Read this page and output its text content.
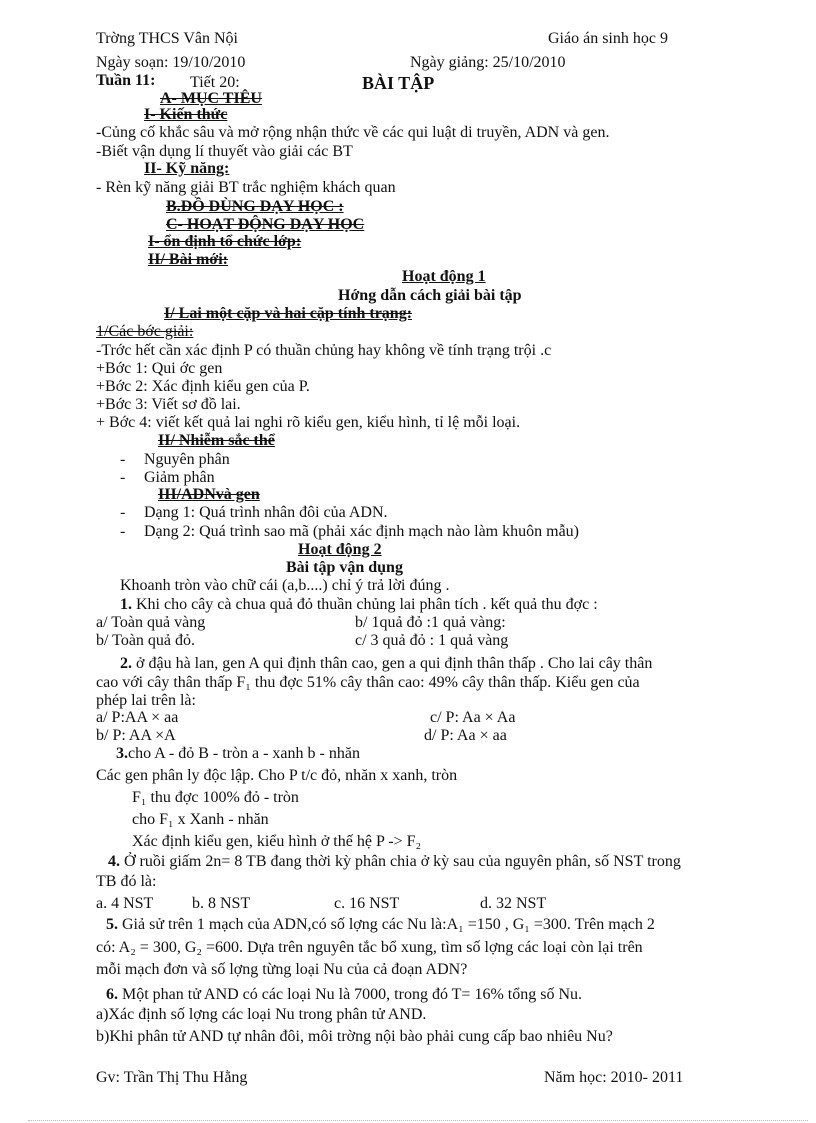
Trờng THCS Vân Nội	Giáo án sinh học 9
Ngày soạn: 19/10/2010	Ngày giảng: 25/10/2010
Tuần 11: Tiết 20:	BÀI TẬP
A- MỤC TIÊU
I- Kiến thức
-Củng cố khắc sâu và mở rộng nhận thức về các qui luật di truyền, ADN và gen.
-Biết vận dụng lí thuyết vào giải các BT
II- Kỹ năng:
- Rèn kỹ năng giải BT trắc nghiệm khách quan
B.ĐỒ DÙNG DẠY HỌC :
C- HOẠT ĐỘNG DẠY HỌC
I- ổn định tổ chức lớp:
II/ Bài mới:
Hoạt động 1
Hớng dẫn cách giải bài tập
I/ Lai một cặp và hai cặp tính trạng:
1/Các bớc giải:
-Trớc hết cần xác định P có thuần chủng hay không về tính trạng trội .c
+Bớc 1: Qui ớc gen
+Bớc 2: Xác định kiểu gen của P.
+Bớc 3: Viết sơ đồ lai.
+ Bớc 4: viết kết quả lai nghi rõ kiểu gen, kiểu hình, tỉ lệ mỗi loại.
II/ Nhiễm sắc thể
- Nguyên phân
- Giảm phân
III/ADNvà gen
- Dạng 1: Quá trình nhân đôi của ADN.
- Dạng 2: Quá trình sao mã (phải xác định mạch nào làm khuôn mẫu)
Hoạt động 2
Bài tập vận dụng
Khoanh tròn vào chữ cái (a,b....) chỉ ý trả lời đúng .
1. Khi cho cây cà chua quả đỏ thuần chủng lai phân tích . kết quả thu đợc :
a/ Toàn quả vàng	b/ 1quả đỏ :1 quả vàng:
b/ Toàn quả đỏ.	c/ 3 quả đỏ : 1 quả vàng
2. ở đậu hà lan, gen A qui định thân cao, gen a qui định thân thấp . Cho lai cây thân
cao với cây thân thấp F₁ thu đợc 51% cây thân cao: 49% cây thân thấp. Kiểu gen của
phép lai trên là:
a/ P:AA × aa	c/ P: Aa × Aa
b/ P: AA ×A	d/ P: Aa × aa
3.cho A - đỏ B - tròn a - xanh b - nhăn
Các gen phân ly độc lập. Cho P t/c đỏ, nhăn x xanh, tròn
F₁ thu đợc 100% đỏ - tròn
cho F₁ x Xanh - nhăn
Xác định kiểu gen, kiểu hình ở thế hệ P -> F₂
4. Ở ruồi giấm 2n= 8 TB đang thời kỳ phân chia ở kỳ sau của nguyên phân, số NST trong
TB đó là:
a. 4 NST b. 8 NST	c. 16 NST	d. 32 NST
5. Giả sử trên 1 mạch của ADN,có số lợng các Nu là:A₁ =150 , G₁ =300. Trên mạch 2
có: A₂ = 300, G₂ =600. Dựa trên nguyên tắc bổ xung, tìm số lợng các loại còn lại trên
mỗi mạch đơn và số lợng từng loại Nu của cả đoạn ADN?
6. Một phan tử AND có các loại Nu là 7000, trong đó T= 16% tổng số Nu.
a)Xác định số lợng các loại Nu trong phân tử AND.
b)Khi phân tử AND tự nhân đôi, môi trờng nội bào phải cung cấp bao nhiêu Nu?
Gv: Trần Thị Thu Hằng	Năm học: 2010- 2011
